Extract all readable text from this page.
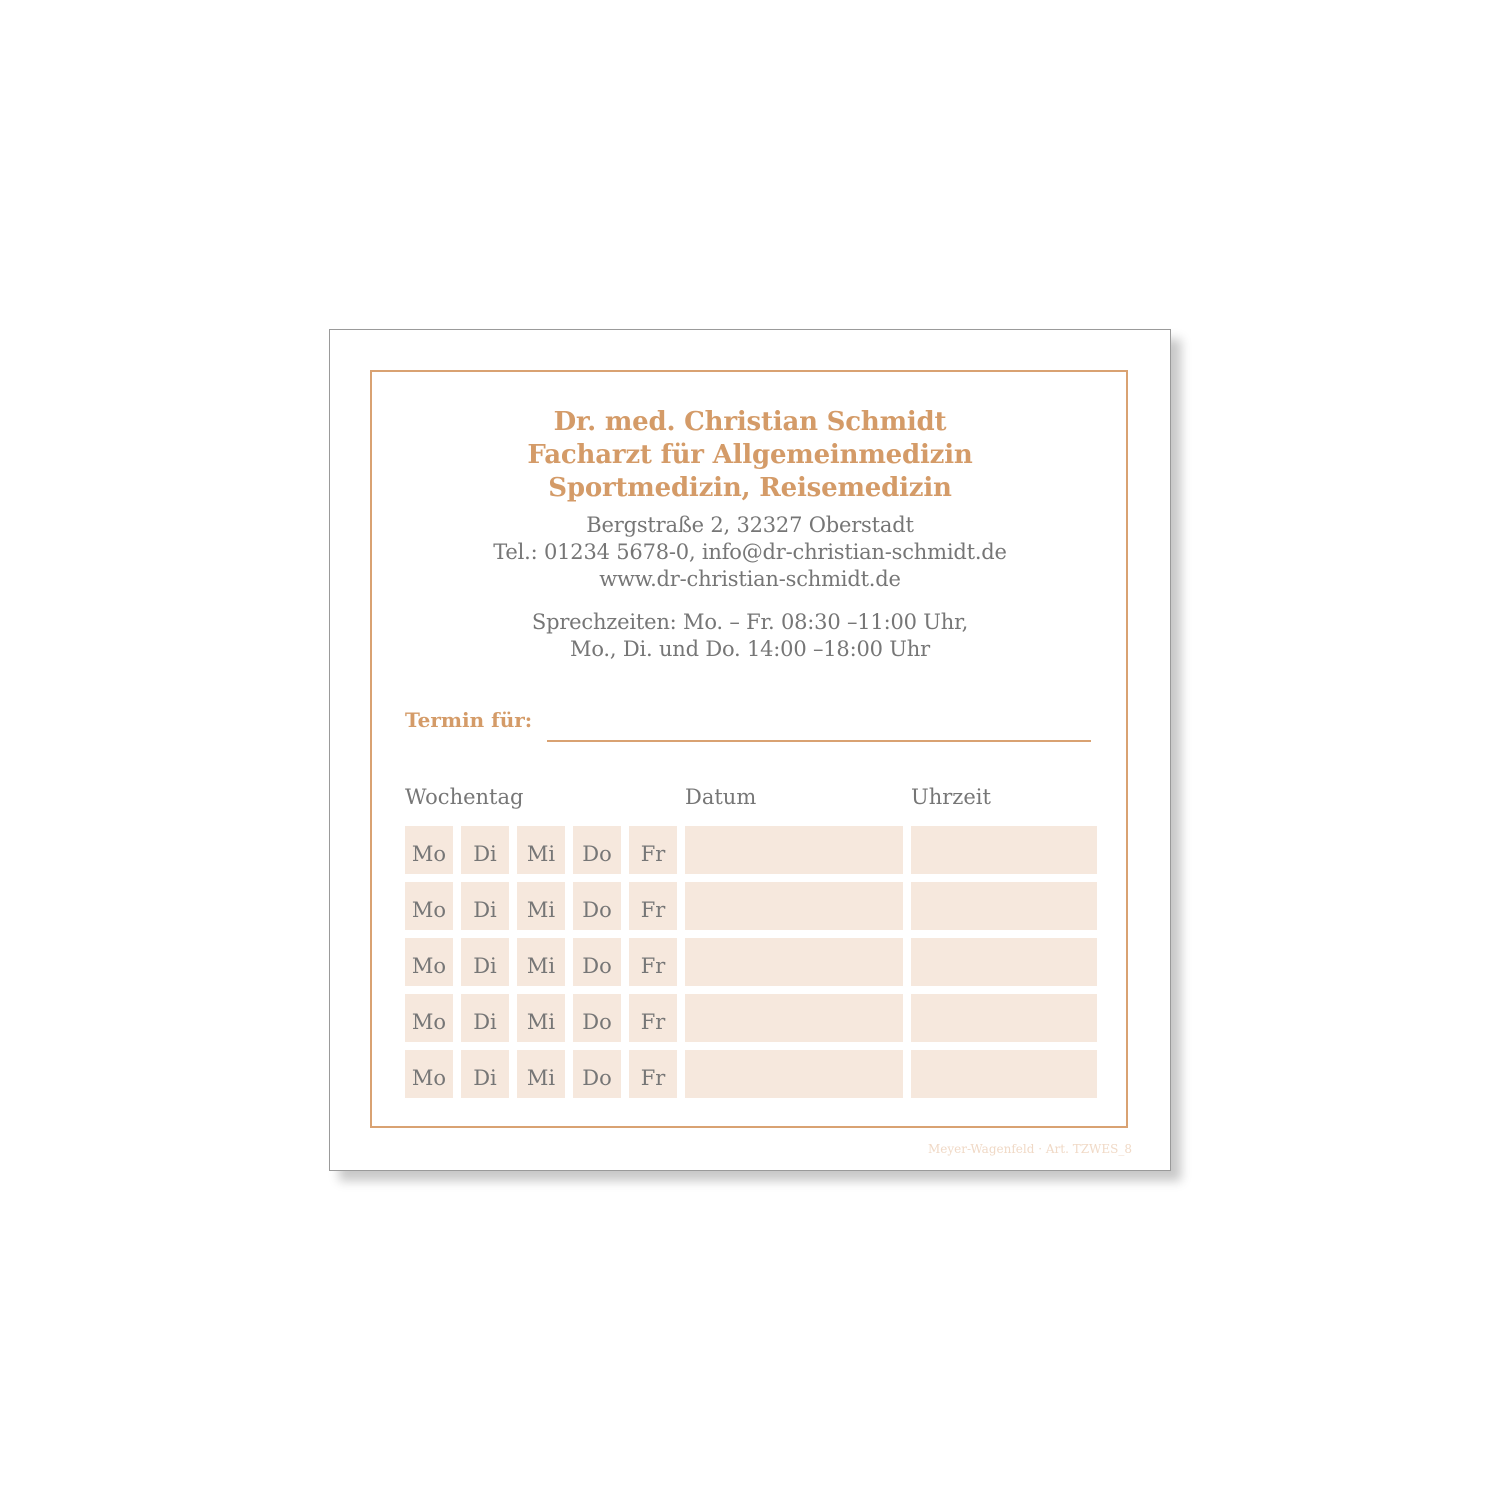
Dr. med. Christian Schmidt
Facharzt für Allgemeinmedizin
Sportmedizin, Reisemedizin
Bergstraße 2, 32327 Oberstadt
Tel.: 01234 5678-0, info@dr-christian-schmidt.de
www.dr-christian-schmidt.de
Sprechzeiten: Mo. – Fr. 08:30 –11:00 Uhr,
Mo., Di. und Do. 14:00 –18:00 Uhr
Termin für:
Wochentag	Datum	Uhrzeit
Mo	Di	Mi	Do	Fr
Mo	Di	Mi	Do	Fr
Mo	Di	Mi	Do	Fr
Mo	Di	Mi	Do	Fr
Mo	Di	Mi	Do	Fr
Meyer-Wagenfeld · Art. TZWES_8
